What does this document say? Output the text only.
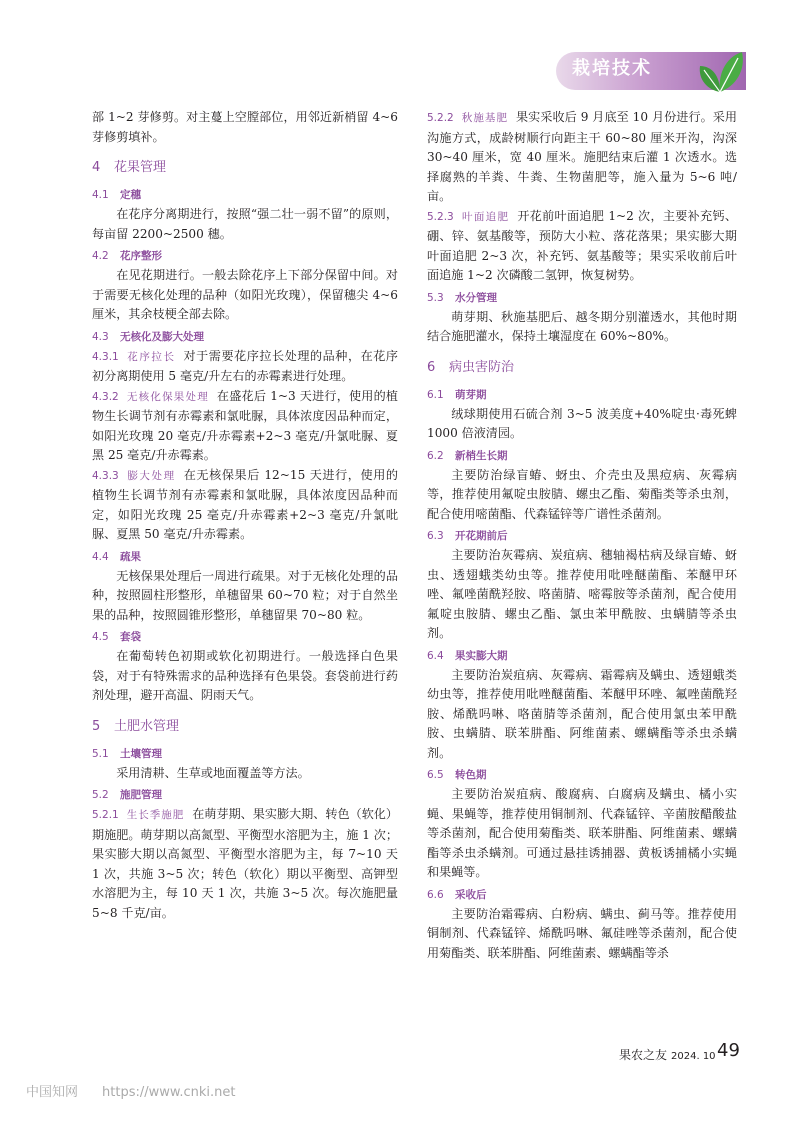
栽培技术

部 1~2 芽修剪。对主蔓上空膛部位，用邻近新梢留 4~6 芽修剪填补。

4 花果管理
4.1 定穗

在花序分离期进行，按照“强二壮一弱不留”的原则，每亩留 2200~2500 穗。

4.2 花序整形

在见花期进行。一般去除花序上下部分保留中间。对于需要无核化处理的品种（如阳光玫瑰），保留穗尖 4~6 厘米，其余枝梗全部去除。

4.3 无核化及膨大处理

4.3.1 花序拉长 对于需要花序拉长处理的品种，在花序初分离期使用 5 毫克/升左右的赤霉素进行处理。

4.3.2 无核化保果处理 在盛花后 1~3 天进行，使用的植物生长调节剂有赤霉素和氯吡脲，具体浓度因品种而定，如阳光玫瑰 20 毫克/升赤霉素+2~3 毫克/升氯吡脲、夏黑 25 毫克/升赤霉素。

4.3.3 膨大处理 在无核保果后 12~15 天进行，使用的植物生长调节剂有赤霉素和氯吡脲，具体浓度因品种而定，如阳光玫瑰 25 毫克/升赤霉素+2~3 毫克/升氯吡脲、夏黑 50 毫克/升赤霉素。

4.4 疏果

无核保果处理后一周进行疏果。对于无核化处理的品种，按照圆柱形整形，单穗留果 60~70 粒；对于自然坐果的品种，按照圆锥形整形，单穗留果 70~80 粒。

4.5 套袋

在葡萄转色初期或软化初期进行。一般选择白色果袋，对于有特殊需求的品种选择有色果袋。套袋前进行药剂处理，避开高温、阴雨天气。

5 土肥水管理
5.1 土壤管理

采用清耕、生草或地面覆盖等方法。

5.2 施肥管理

5.2.1 生长季施肥 在萌芽期、果实膨大期、转色（软化）期施肥。萌芽期以高氮型、平衡型水溶肥为主，施 1 次；果实膨大期以高氮型、平衡型水溶肥为主，每 7~10 天 1 次，共施 3~5 次；转色（软化）期以平衡型、高钾型水溶肥为主，每 10 天 1 次，共施 3~5 次。每次施肥量 5~8 千克/亩。

5.2.2 秋施基肥 果实采收后 9 月底至 10 月份进行。采用沟施方式，成龄树顺行向距主干 60~80 厘米开沟，沟深 30~40 厘米，宽 40 厘米。施肥结束后灌 1 次透水。选择腐熟的羊粪、牛粪、生物菌肥等，施入量为 5~6 吨/亩。

5.2.3 叶面追肥 开花前叶面追肥 1~2 次，主要补充钙、硼、锌、氨基酸等，预防大小粒、落花落果；果实膨大期叶面追肥 2~3 次，补充钙、氨基酸等；果实采收前后叶面追施 1~2 次磷酸二氢钾，恢复树势。

5.3 水分管理

萌芽期、秋施基肥后、越冬期分别灌透水，其他时期结合施肥灌水，保持土壤湿度在 60%~80%。

6 病虫害防治
6.1 萌芽期

绒球期使用石硫合剂 3~5 波美度+40%啶虫·毒死蜱 1000 倍液清园。

6.2 新梢生长期

主要防治绿盲蝽、蚜虫、介壳虫及黑痘病、灰霉病等，推荐使用氟啶虫胺腈、螺虫乙酯、菊酯类等杀虫剂，配合使用嘧菌酯、代森锰锌等广谱性杀菌剂。

6.3 开花期前后

主要防治灰霉病、炭疽病、穗轴褐枯病及绿盲蝽、蚜虫、透翅蛾类幼虫等。推荐使用吡唑醚菌酯、苯醚甲环唑、氟唑菌酰羟胺、咯菌腈、嘧霉胺等杀菌剂，配合使用氟啶虫胺腈、螺虫乙酯、氯虫苯甲酰胺、虫螨腈等杀虫剂。

6.4 果实膨大期

主要防治炭疽病、灰霉病、霜霉病及螨虫、透翅蛾类幼虫等，推荐使用吡唑醚菌酯、苯醚甲环唑、氟唑菌酰羟胺、烯酰吗啉、咯菌腈等杀菌剂，配合使用氯虫苯甲酰胺、虫螨腈、联苯肼酯、阿维菌素、螺螨酯等杀虫杀螨剂。

6.5 转色期

主要防治炭疽病、酸腐病、白腐病及螨虫、橘小实蝇、果蝇等，推荐使用铜制剂、代森锰锌、辛菌胺醋酸盐等杀菌剂，配合使用菊酯类、联苯肼酯、阿维菌素、螺螨酯等杀虫杀螨剂。可通过悬挂诱捕器、黄板诱捕橘小实蝇和果蝇等。

6.6 采收后

主要防治霜霉病、白粉病、螨虫、蓟马等。推荐使用铜制剂、代森锰锌、烯酰吗啉、氟硅唑等杀菌剂，配合使用菊酯类、联苯肼酯、阿维菌素、螺螨酯等杀

果农之友 2024. 10 49
中国知网 https://www.cnki.net
